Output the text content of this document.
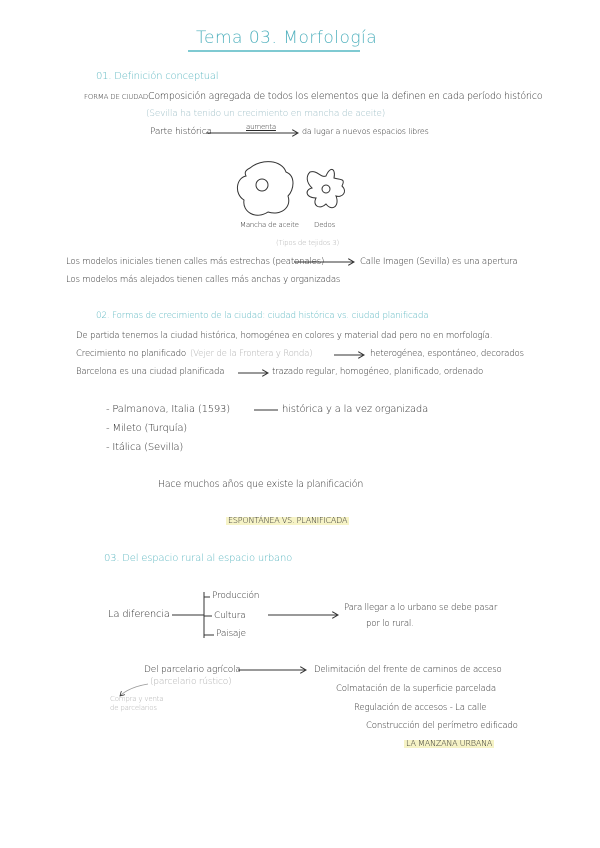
Tema 03. Morfología
01. Definición conceptual
FORMA DE CIUDAD:
Composición agregada de todos los elementos que la definen en cada período histórico
(Sevilla ha tenido un crecimiento en mancha de aceite)
Parte histórica	aumenta	da lugar a nuevos espacios libres
Mancha de aceite Dedos
(Tipos de tejidos 3)
Los modelos iniciales tienen calles más estrechas (peatonales)	Calle Imagen (Sevilla) es una apertura
Los modelos más alejados tienen calles más anchas y organizadas
02. Formas de crecimiento de la ciudad: ciudad histórica vs. ciudad planificada
De partida tenemos la ciudad histórica, homogénea en colores y material dad pero no en morfología.
Crecimiento no planificado (Vejer de la Frontera y Ronda)	heterogénea, espontáneo, decorados
Barcelona es una ciudad planificada	trazado regular, homogéneo, planificado, ordenado
- Palmanova, Italia (1593)
- Mileto (Turquía)
- Itálica (Sevilla)
histórica y a la vez organizada
Hace muchos años que existe la planificación
ESPONTÁNEA VS. PLANIFICADA
03. Del espacio rural al espacio urbano
La diferencia
Producción
Cultura
Paisaje
Para llegar a lo urbano se debe pasar
por lo rural.
Del parcelario agrícola
(parcelario rústico)
Compra y venta
de parcelarios
Delimitación del frente de caminos de acceso
Colmatación de la superficie parcelada
Regulación de accesos - La calle
Construcción del perímetro edificado
LA MANZANA URBANA
